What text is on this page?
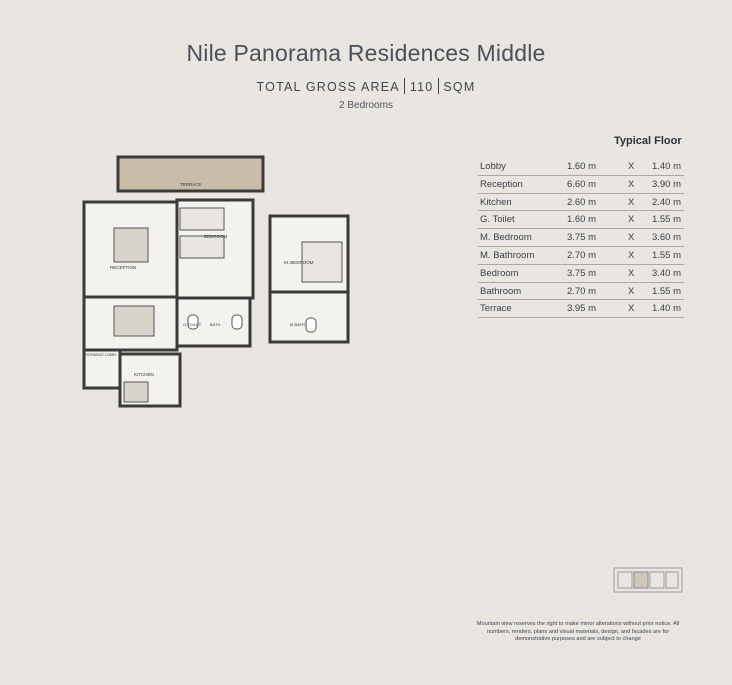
Nile Panorama Residences Middle
TOTAL GROSS AREA 110 SQM
2 Bedrooms
Typical Floor
Lobby	1.60 m	X 1.40 m
Reception	6.60 m	X 3.90 m
Kitchen	2.60 m	X 2.40 m
G. Toilet	1.60 m	X 1.55 m
M. Bedroom	3.75 m	X 3.60 m
M. Bathroom	2.70 m	X 1.55 m
Bedroom	3.75 m	X 3.40 m
Bathroom	2.70 m	X 1.55 m
Terrace	3.95 m	X 1.40 m
TERRACE
BEDROOM
RECEPTION
G.TOILET BATH
ENTRANCE LOBBY
KITCHEN
M. BEDROOM
M.BATH
Mountain view reserves the right to make minor alterations without prior notice. All numbers, renders, plans and visual materials, design, and facades are for demonstrative purposes and are subject to change
